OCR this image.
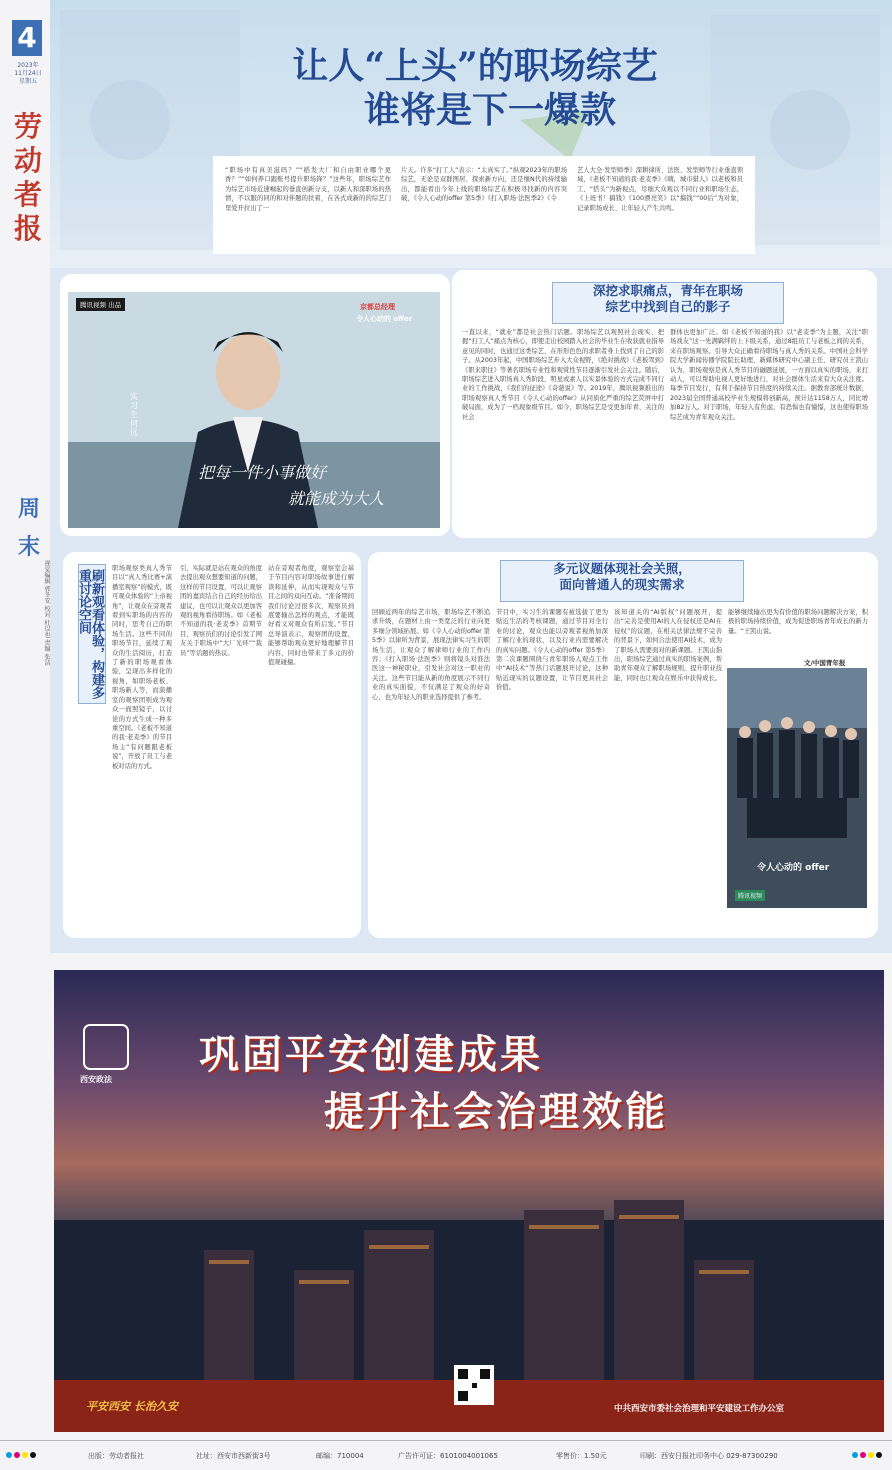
4
2023年
11月24日
星期五
劳动者报
周末
视觉编辑 郭冬安 校对 杜以也 责编 张洁
让人“上头”的职场综艺
谁将是下一爆款
“职场中有真美滋吗？”“稻发大厂和自由职业哪个更香？”“如何养口跟账号提升职场锋？”这些年，职场综艺作为综艺市场近速崛起的垂直创新分支，以新人和深职场的热情，不以服的同的和对伴题的扶着，在各式成新的的综艺门里爱开拉出了一
片天。许多“打工人”表示：“太真实了。”纵观2023年的职场综艺，无论是双群图居、探索新方向，还是继N代的持续输出，都能看出今年上线的职场综艺在积极寻找新的内容突破，《令人心动的offer 第5季》《打入职场·法医季2》《令
艺人大全·发型师季》深耕律所、法医、发型师等行业垂直领域，《老板不知道的我·老麦季》《嗨，城市猎人》以老板和员工、“搭头”为新视点，尽细大众观以不同行业和职场生态，《上班书！搞钱》《100漂亮笑》以“搞钱”“00后”为对象，记录职场成长、让年轻人产生共鸣。
腾讯视频 出品	京都总经理
令人心动的 offer
实习生 何远
把每一件小事做好
就能成为大人
深挖求职痛点，青年在职场
综艺中找到自己的影子
一直以来，“就业”都是社会热门话题。职场综艺以观照社会现实、把握“打工人”痛点为核心，即使走出校园踏入社会的毕业生在收获就业指导意见的同时，也通过这类综艺，在形形色色的求职者身上找到了自己的影子。从2003年起，中国职场综艺步入大众视野，《绝对挑战》《老板驾到》《职来职往》等著名职场专业性和观赏性节目逐渐引发社会关注。随后，职场综艺进入职场真人秀阶段，明星或素人以实景体验的方式完成不同行业的工作挑战，《我们的征途》《奇葩说》等。2019年，腾讯视频推出的职场观察真人秀节目《令人心动的offer》从同质化严重的综艺荧屏中打破局面，成为了一档现象级节目。如今，职场综艺是受更加年青、关注的社会
群体也更加广泛。如《老板不知道的我》以“老麦季”为主题，关注“职场战友”这一先满羁绊的上下级关系，通过8组员工与老板之间的关系，来在职场观察。引导大众正确看待职场与真人秀的关系。中国社会科学院大学新闻传播学院院长助理、新媒体研究中心副主任、研究员王凯山认为，职场观察是真人秀节目的融题延展，一方面以真实的职场，来打动人，可以帮助电视人更好地进行，对社会群体生活来有大众关注度。每季节目发行，有利于保持节目热度的持续关注。据教育部统计数据，2023届全国普通高校毕业生规模将创新高，预计达1158万人，同比增加82万人。对于职场，年轻人有焦虑，有恐惧也有憧憬，这也使得职场综艺成为青年观众关注。
刷新观看体验，构建多重讨论空间
职场观察类真人秀节目以“真人秀比赛+演播室观察”的模式，既可观众体验的“上帝视角”，让观众在旁观者看到实职场的内容的同时，思考自己的职场生活。这些不同的职场节目，延续了观众的生活阅历，打造了新的职场观看体验，呈现出多样化的视角，如职场老板、职场新人等，而演播室的观察团则成为观众一面照镜子，以讨论的方式生成一种多重空间。《老板不知道的我·老麦季》的节目场主“有问题跟老板说”，开放了员工与老板对话的方式。
引，实际就是站在观众的角度去提出观众想要知道的问题，这样的节目设置，可以让观察团的嘉宾结合自己的经历给出建议，也可以让观众以更加客观的视角看待职场。如《老板不知道的我·老麦季》首期节目，观察员们的讨论引发了网友关于职场中“大厂光环”“裁员”等话题的热议。
站在旁观者角度，观察室会基于节目内容对职场故事进行解读和延伸，从而实现观众与节目之间的双向互动。“准备期间我们讨论过很多次，观察员到底要输出怎样的观点，才能既好看又对观众有所启发。”节目总导演表示，观察团的设置，能够帮助观众更好地理解节目内容，同时也带来了多元的价值观碰撞。
多元议题体现社会关照，
面向普通人的现实需求
回顾近两年的综艺市场，职场综艺不断追求升级，在题材上由一类宽泛的行业向更多细分领域拓展。如《令人心动的offer 第5季》以律所为背景，展现法律实习生的职场生活，让观众了解律师行业的工作内容；《打入职场·法医季》则将镜头对准法医这一神秘职业，引发社会对这一职业的关注。这些节目能从新的角度展示不同行业的真实面貌，不仅满足了观众的好奇心，也为年轻人的职业选择提供了参考。
节目中，实习生的课题有被选拔了更为贴近生活的考核课题，通过节目对全行业的讨论，观众也能以旁观者视角加深了解行业的现状，以及行业内需要解决的真实问题。《令人心动的offer 第5季》第二次课题围绕与青年职场人观点工作中“AI技术”等热门话题展开讨论，这种贴近现实的议题设置，让节目更具社会价值。
该知道关的“AI版权”问题展开，提出“完善是使用AI的人在侵权还是AI在侵权”的议题，在相关法律法规不完善的背景下，如何合法使用AI技术，成为了职场人需要面对的新课题。王凯山指出，职场综艺通过真实的职场案例，帮助青年观众了解职场规则，提升职业技能，同时也让观众在娱乐中获得成长。
能够继续输出更为有价值的职场问题解决方案，积极的职场持续价值，成为促进职场青年成长的新力量。“王凯山说。
文/中国青年报
令人心动的 offer
腾讯视频
巩固平安创建成果
提升社会治理效能
西安政法
平安西安 长治久安	中共西安市委社会治理和平安建设工作办公室
出版：劳动者报社	社址：西安市西新街3号	邮编：710004	广告许可证：6101004001065	零售价：1.50元	印刷：西安日报社印务中心 029-87300290
